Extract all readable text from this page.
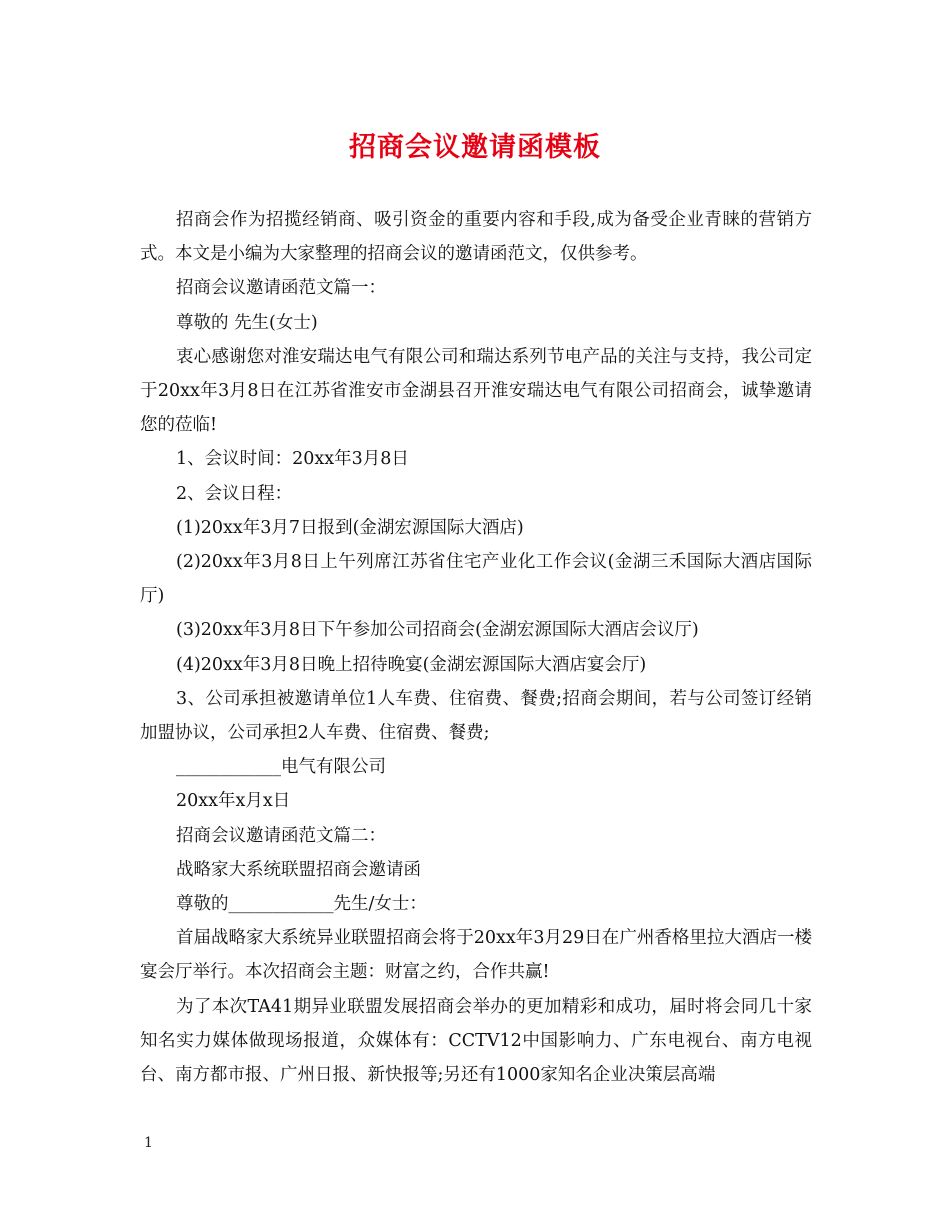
招商会议邀请函模板

招商会作为招揽经销商、吸引资金的重要内容和手段,成为备受企业青睐的营销方式。本文是小编为大家整理的招商会议的邀请函范文，仅供参考。

招商会议邀请函范文篇一：

尊敬的 先生(女士)

衷心感谢您对淮安瑞达电气有限公司和瑞达系列节电产品的关注与支持，我公司定于20xx年3月8日在江苏省淮安市金湖县召开淮安瑞达电气有限公司招商会，诚挚邀请您的莅临!

1、会议时间：20xx年3月8日

2、会议日程：

(1)20xx年3月7日报到(金湖宏源国际大酒店)

(2)20xx年3月8日上午列席江苏省住宅产业化工作会议(金湖三禾国际大酒店国际厅)

(3)20xx年3月8日下午参加公司招商会(金湖宏源国际大酒店会议厅)

(4)20xx年3月8日晚上招待晚宴(金湖宏源国际大酒店宴会厅)

3、公司承担被邀请单位1人车费、住宿费、餐费;招商会期间，若与公司签订经销加盟协议，公司承担2人车费、住宿费、餐费;

____________电气有限公司

20xx年x月x日

招商会议邀请函范文篇二：

战略家大系统联盟招商会邀请函

尊敬的____________先生/女士：

首届战略家大系统异业联盟招商会将于20xx年3月29日在广州香格里拉大酒店一楼宴会厅举行。本次招商会主题：财富之约，合作共赢!

为了本次TA41期异业联盟发展招商会举办的更加精彩和成功，届时将会同几十家知名实力媒体做现场报道，众媒体有：CCTV12中国影响力、广东电视台、南方电视台、南方都市报、广州日报、新快报等;另还有1000家知名企业决策层高端

1
